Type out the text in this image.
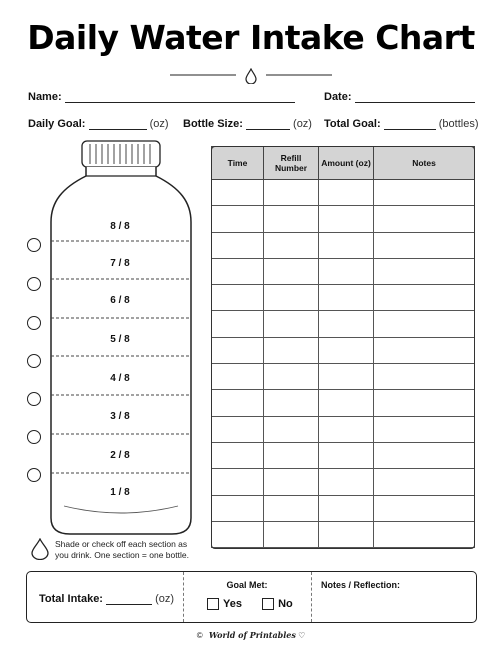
Daily Water Intake Chart
Name:	Date:
Daily Goal:	(oz) Bottle Size:	(oz) Total Goal:	(bottles)
8 / 8
7 / 8
6 / 8
5 / 8
4 / 8
3 / 8
2 / 8
1 / 8
Shade or check off each section as you drink. One section = one bottle.
Time	Refill Number	Amount (oz)	Notes

Total Intake:	(oz)
Goal Met:
Yes	No
Notes / Reflection:
© World of Printables ♡
